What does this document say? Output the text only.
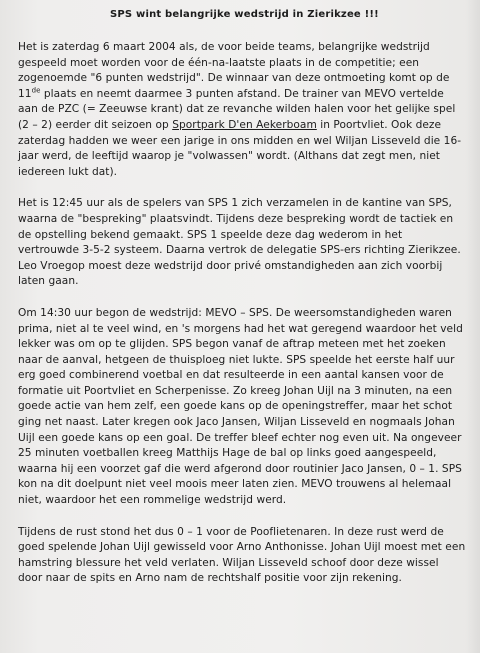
SPS wint belangrijke wedstrijd in Zierikzee !!!

Het is zaterdag 6 maart 2004 als, de voor beide teams, belangrijke wedstrijd gespeeld moet worden voor de één-na-laatste plaats in de competitie; een zogenoemde "6 punten wedstrijd". De winnaar van deze ontmoeting komt op de 11de plaats en neemt daarmee 3 punten afstand. De trainer van MEVO vertelde aan de PZC (= Zeeuwse krant) dat ze revanche wilden halen voor het gelijke spel (2 – 2) eerder dit seizoen op Sportpark D'en Aekerboam in Poortvliet. Ook deze zaterdag hadden we weer een jarige in ons midden en wel Wiljan Lisseveld die 16-jaar werd, de leeftijd waarop je "volwassen" wordt. (Althans dat zegt men, niet iedereen lukt dat).

Het is 12:45 uur als de spelers van SPS 1 zich verzamelen in de kantine van SPS, waarna de "bespreking" plaatsvindt. Tijdens deze bespreking wordt de tactiek en de opstelling bekend gemaakt. SPS 1 speelde deze dag wederom in het vertrouwde 3-5-2 systeem. Daarna vertrok de delegatie SPS-ers richting Zierikzee. Leo Vroegop moest deze wedstrijd door privé omstandigheden aan zich voorbij laten gaan.

Om 14:30 uur begon de wedstrijd: MEVO – SPS. De weersomstandigheden waren prima, niet al te veel wind, en 's morgens had het wat geregend waardoor het veld lekker was om op te glijden. SPS begon vanaf de aftrap meteen met het zoeken naar de aanval, hetgeen de thuisploeg niet lukte. SPS speelde het eerste half uur erg goed combinerend voetbal en dat resulteerde in een aantal kansen voor de formatie uit Poortvliet en Scherpenisse. Zo kreeg Johan Uijl na 3 minuten, na een goede actie van hem zelf, een goede kans op de openingstreffer, maar het schot ging net naast. Later kregen ook Jaco Jansen, Wiljan Lisseveld en nogmaals Johan Uijl een goede kans op een goal. De treffer bleef echter nog even uit. Na ongeveer 25 minuten voetballen kreeg Matthijs Hage de bal op links goed aangespeeld, waarna hij een voorzet gaf die werd afgerond door routinier Jaco Jansen, 0 – 1. SPS kon na dit doelpunt niet veel moois meer laten zien. MEVO trouwens al helemaal niet, waardoor het een rommelige wedstrijd werd.

Tijdens de rust stond het dus 0 – 1 voor de Pooflietenaren. In deze rust werd de goed spelende Johan Uijl gewisseld voor Arno Anthonisse. Johan Uijl moest met een hamstring blessure het veld verlaten. Wiljan Lisseveld schoof door deze wissel door naar de spits en Arno nam de rechtshalf positie voor zijn rekening.
